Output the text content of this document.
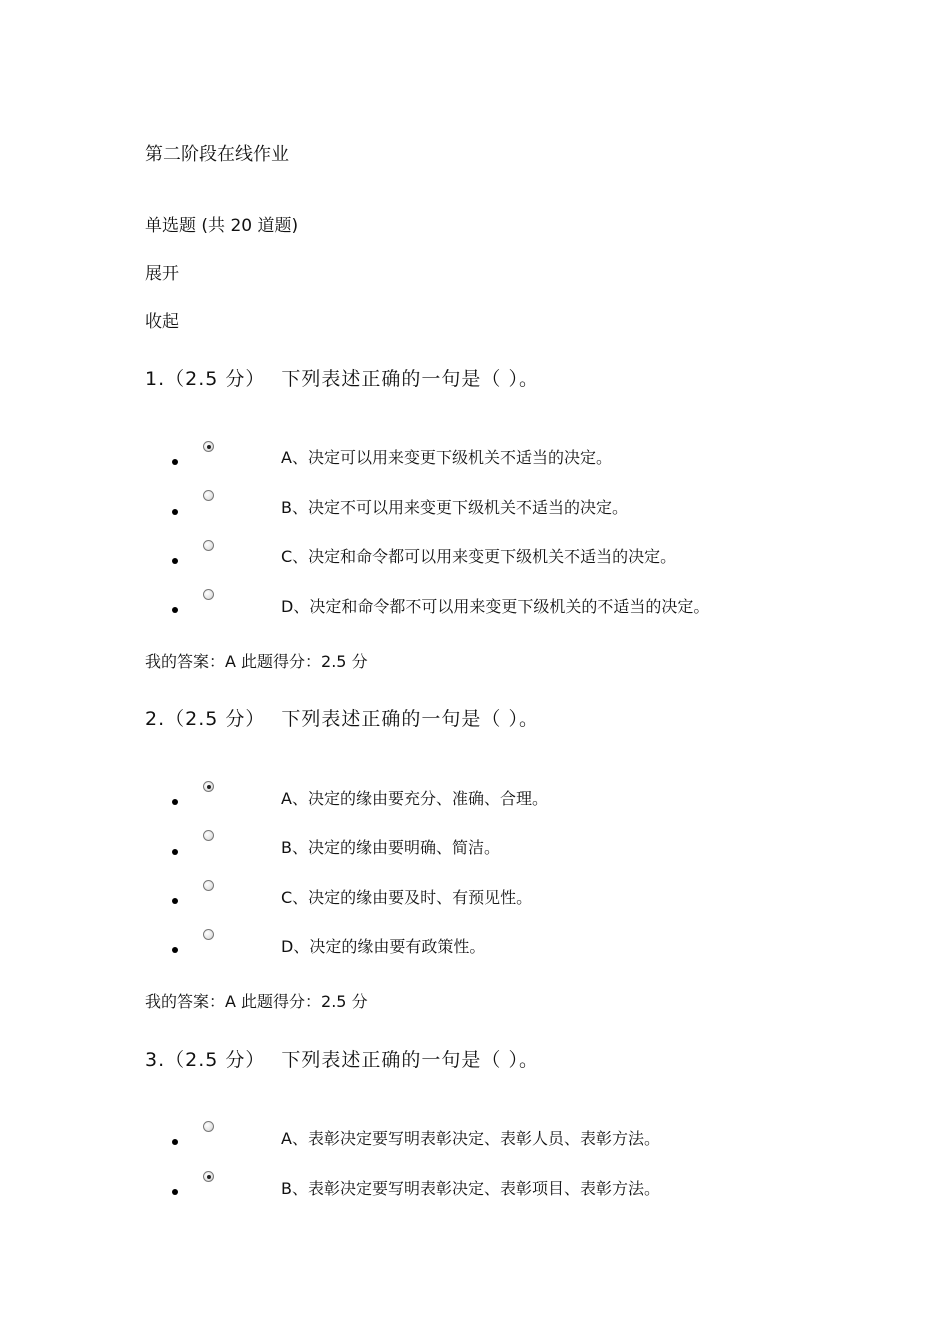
第二阶段在线作业
单选题 (共 20 道题)
展开
收起
1.（2.5 分） 下列表述正确的一句是（ ）。
A、决定可以用来变更下级机关不适当的决定。
B、决定不可以用来变更下级机关不适当的决定。
C、决定和命令都可以用来变更下级机关不适当的决定。
D、决定和命令都不可以用来变更下级机关的不适当的决定。
我的答案：A 此题得分：2.5 分
2.（2.5 分） 下列表述正确的一句是（ ）。
A、决定的缘由要充分、准确、合理。
B、决定的缘由要明确、简洁。
C、决定的缘由要及时、有预见性。
D、决定的缘由要有政策性。
我的答案：A 此题得分：2.5 分
3.（2.5 分） 下列表述正确的一句是（ ）。
A、表彰决定要写明表彰决定、表彰人员、表彰方法。
B、表彰决定要写明表彰决定、表彰项目、表彰方法。
